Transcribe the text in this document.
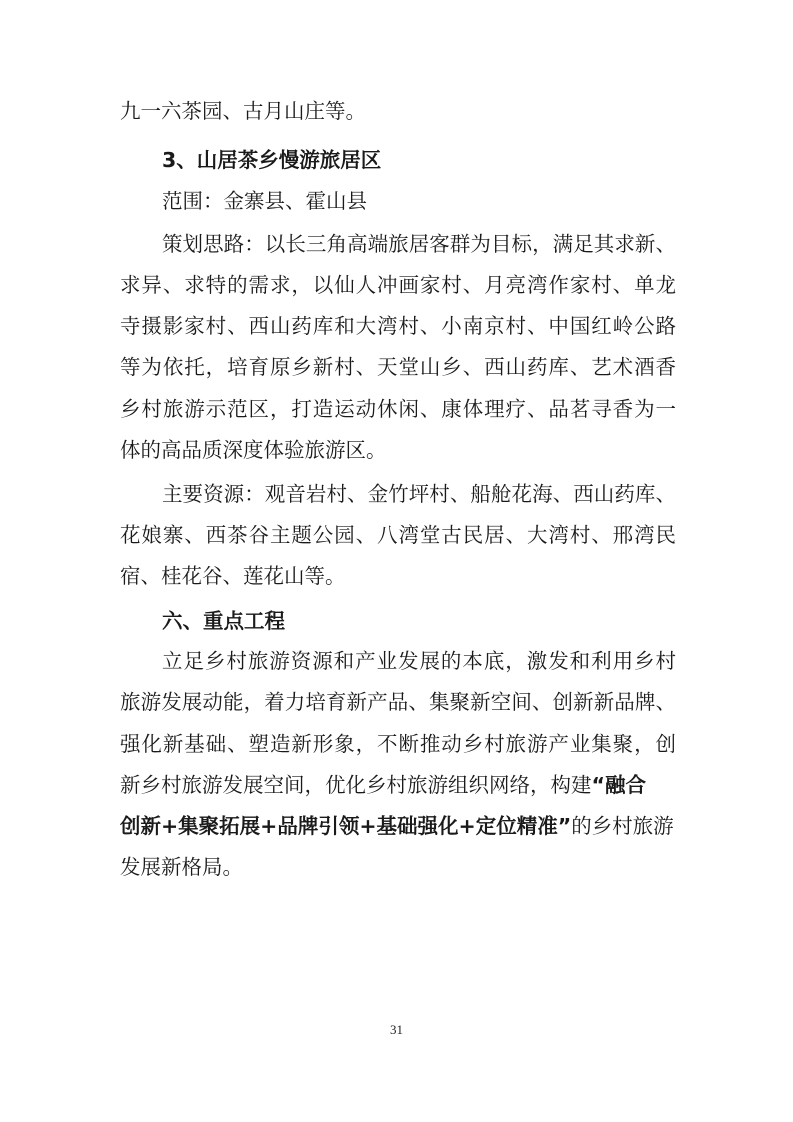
九一六茶园、古月山庄等。
3、山居茶乡慢游旅居区
范围：金寨县、霍山县
策划思路：以长三角高端旅居客群为目标，满足其求新、
求异、求特的需求，以仙人冲画家村、月亮湾作家村、单龙
寺摄影家村、西山药库和大湾村、小南京村、中国红岭公路
等为依托，培育原乡新村、天堂山乡、西山药库、艺术酒香
乡村旅游示范区，打造运动休闲、康体理疗、品茗寻香为一
体的高品质深度体验旅游区。
主要资源：观音岩村、金竹坪村、船舱花海、西山药库、
花娘寨、西茶谷主题公园、八湾堂古民居、大湾村、邢湾民
宿、桂花谷、莲花山等。
六、重点工程
立足乡村旅游资源和产业发展的本底，激发和利用乡村
旅游发展动能，着力培育新产品、集聚新空间、创新新品牌、
强化新基础、塑造新形象，不断推动乡村旅游产业集聚，创
新乡村旅游发展空间，优化乡村旅游组织网络，构建“融合
创新+集聚拓展+品牌引领+基础强化+定位精准”的乡村旅游
发展新格局。
31
